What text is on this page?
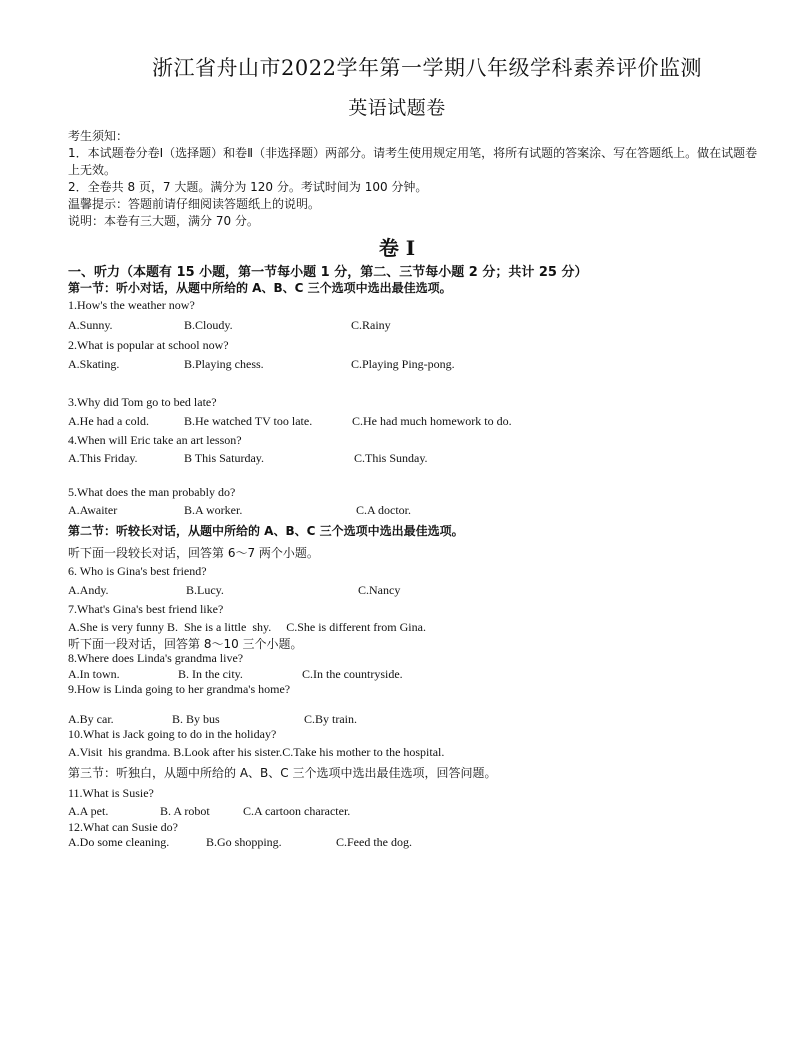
浙江省舟山市2022学年第一学期八年级学科素养评价监测
英语试题卷
考生须知：
1．本试题卷分卷Ⅰ（选择题）和卷Ⅱ（非选择题）两部分。请考生使用规定用笔，将所有试题的答案涂、写在答题纸上。做在试题卷上无效。
2．全卷共 8 页，7 大题。满分为 120 分。考试时间为 100 分钟。
温馨提示：答题前请仔细阅读答题纸上的说明。
说明：本卷有三大题，满分 70 分。
卷 I
一、听力（本题有 15 小题，第一节每小题 1 分，第二、三节每小题 2 分；共计 25 分）
第一节：听小对话，从题中所给的 A、B、C 三个选项中选出最佳选项。
1.How's the weather now?
A.Sunny.	B.Cloudy.	C.Rainy
2.What is popular at school now?
A.Skating.	B.Playing chess.	C.Playing Ping-pong.
3.Why did Tom go to bed late?
A.He had a cold.	B.He watched TV too late.	C.He had much homework to do.
4.When will Eric take an art lesson?
A.This Friday.	B This Saturday.	C.This Sunday.
5.What does the man probably do?
A.Awaiter	B.A worker.	C.A doctor.
第二节：听较长对话，从题中所给的 A、B、C 三个选项中选出最佳选项。
听下面一段较长对话，回答第 6～7 两个小题。
6. Who is Gina's best friend?
A.Andy.	B.Lucy.	C.Nancy
7.What's Gina's best friend like?
A.She is very funny B.  She is a little  shy.     C.She is different from Gina.
听下面一段对话，回答第 8～10 三个小题。
8.Where does Linda's grandma live?
A.In town.	B. In the city.	C.In the countryside.
9.How is Linda going to her grandma's home?
A.By car.	B. By bus	C.By train.
10.What is Jack going to do in the holiday?
A.Visit  his grandma. B.Look after his sister.C.Take his mother to the hospital.
第三节：听独白，从题中所给的 A、B、C 三个选项中选出最佳选项，回答问题。
11.What is Susie?
A.A pet.	B. A robot	C.A cartoon character.
12.What can Susie do?
A.Do some cleaning.	B.Go shopping.	C.Feed the dog.
